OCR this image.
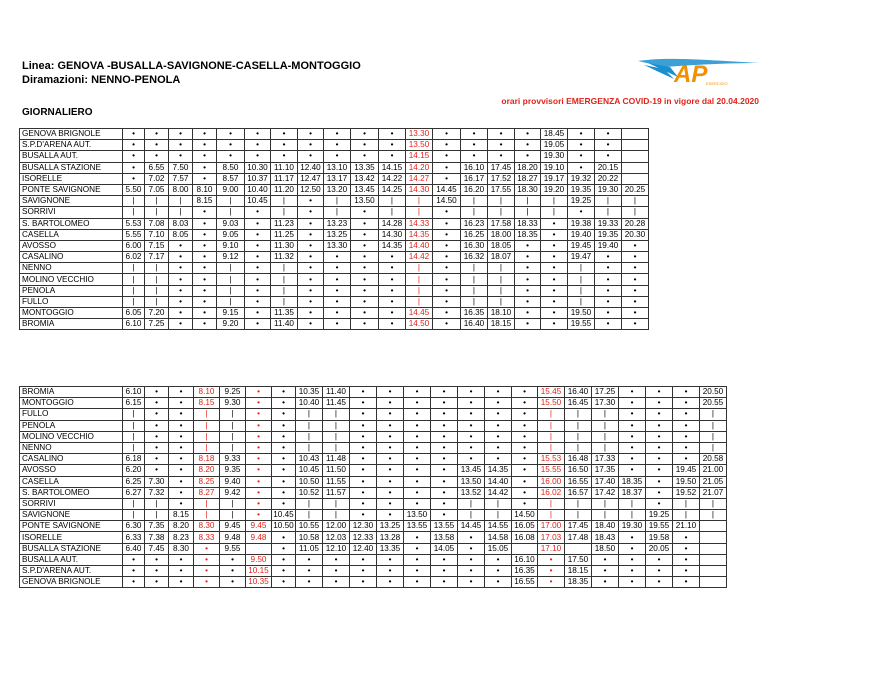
Linea: GENOVA -BUSALLA-SAVIGNONE-CASELLA-MONTOGGIO
Diramazioni: NENNO-PENOLA
orari provvisori EMERGENZA COVID-19 in vigore dal 20.04.2020
GIORNALIERO
AP
ESERCIZIO
GENOVA BRIGNOLE	•	•	•	•	•	•	•	•	•	•	•	13.30	•	•	•	•	18.45	•	•	
S.P.D'ARENA AUT.	•	•	•	•	•	•	•	•	•	•	•	13.50	•	•	•	•	19.05	•	•	
BUSALLA AUT.	•	•	•	•	•	•	•	•	•	•	•	14.15	•	•	•	•	19.30	•	•	
BUSALLA STAZIONE	•	6.55	7.50	•	8.50	10.30	11.10	12.40	13.10	13.35	14.15	14.20	•	16.10	17.45	18.20	19.10	•	20.15	
ISORELLE	•	7.02	7.57	•	8.57	10.37	11.17	12.47	13.17	13.42	14.22	14.27	•	16.17	17.52	18.27	19.17	19.32	20.22	
PONTE SAVIGNONE	5.50	7.05	8.00	8.10	9.00	10.40	11.20	12.50	13.20	13.45	14.25	14.30	14.45	16.20	17.55	18.30	19.20	19.35	19.30	20.25
SAVIGNONE	|	|	|	8.15	|	10.45	|	•	|	13.50	|	|	14.50	|	|	|	|	19.25	|	|
SORRIVI	|	|	|	•	|	•	|	•	|	•	|	|	•	|	|	|	|	•	|	|
S. BARTOLOMEO	5.53	7.08	8.03	•	9.03	•	11.23	•	13.23	•	14.28	14.33	•	16.23	17.58	18.33	•	19.38	19.33	20.28
CASELLA	5.55	7.10	8.05	•	9.05	•	11.25	•	13.25	•	14.30	14.35	•	16.25	18.00	18.35	•	19.40	19.35	20.30
AVOSSO	6.00	7.15	•	•	9.10	•	11.30	•	13.30	•	14.35	14.40	•	16.30	18.05	•	•	19.45	19.40	•
CASALINO	6.02	7.17	•	•	9.12	•	11.32	•	•	•	•	14.42	•	16.32	18.07	•	•	19.47	•	•
NENNO	|	|	•	•	|	•	|	•	•	•	•	|	•	|	|	•	•	|	•	•
MOLINO VECCHIO	|	|	•	•	|	•	|	•	•	•	•	|	•	|	|	•	•	|	•	•
PENOLA	|	|	•	•	|	•	|	•	•	•	•	|	•	|	|	•	•	|	•	•
FULLO	|	|	•	•	|	•	|	•	•	•	•	|	•	|	|	•	•	|	•	•
MONTOGGIO	6.05	7.20	•	•	9.15	•	11.35	•	•	•	•	14.45	•	16.35	18.10	•	•	19.50	•	•
BROMIA	6.10	7.25	•	•	9.20	•	11.40	•	•	•	•	14.50	•	16.40	18.15	•	•	19.55	•	•
BROMIA	6.10	•	•	8.10	9.25	•	•	10.35	11.40	•	•	•	•	•	•	•	15.45	16.40	17.25	•	•	•	20.50
MONTOGGIO	6.15	•	•	8.15	9.30	•	•	10.40	11.45	•	•	•	•	•	•	•	15.50	16.45	17.30	•	•	•	20.55
FULLO	|	•	•	|	|	•	•	|	|	•	•	•	•	•	•	•	|	|	|	•	•	•	|
PENOLA	|	•	•	|	|	•	•	|	|	•	•	•	•	•	•	•	|	|	|	•	•	•	|
MOLINO VECCHIO	|	•	•	|	|	•	•	|	|	•	•	•	•	•	•	•	|	|	|	•	•	•	|
NENNO	|	•	•	|	|	•	•	|	|	•	•	•	•	•	•	•	|	|	|	•	•	•	|
CASALINO	6.18	•	•	8.18	9.33	•	•	10.43	11.48	•	•	•	•	•	•	•	15.53	16.48	17.33	•	•	•	20.58
AVOSSO	6.20	•	•	8.20	9.35	•	•	10.45	11.50	•	•	•	•	13.45	14.35	•	15.55	16.50	17.35	•	•	19.45	21.00
CASELLA	6.25	7.30	•	8.25	9.40	•	•	10.50	11.55	•	•	•	•	13.50	14.40	•	16.00	16.55	17.40	18.35	•	19.50	21.05
S. BARTOLOMEO	6.27	7.32	•	8.27	9.42	•	•	10.52	11.57	•	•	•	•	13.52	14.42	•	16.02	16.57	17.42	18.37	•	19.52	21.07
SORRIVI	|	|	•	|	|	•	•	|	|	•	•	•	•	|	|	•	|	|	|	|	•	|	|
SAVIGNONE	|	|	8.15	|	|	•	10.45	|	|	•	•	13.50	•	|	|	14.50	|	|	|	|	19.25	|	|
PONTE SAVIGNONE	6.30	7.35	8.20	8.30	9.45	9.45	10.50	10.55	12.00	12.30	13.25	13.55	13.55	14.45	14.55	16.05	17.00	17.45	18.40	19.30	19.55	21.10	
ISORELLE	6.33	7.38	8.23	8.33	9.48	9.48	•	10.58	12.03	12.33	13.28	•	13.58	•	14.58	16.08	17.03	17.48	18.43	•	19.58	•	
BUSALLA STAZIONE	6.40	7.45	8.30	•	9.55		•	11.05	12.10	12.40	13.35	•	14.05	•	15.05		17.10		18.50	•	20.05	•	
BUSALLA AUT.	•	•	•	•	•	9.50	•	•	•	•	•	•	•	•	•	16.10	•	17.50	•	•	•	•	
S.P.D'ARENA AUT.	•	•	•	•	•	10.15	•	•	•	•	•	•	•	•	•	16.35	•	18.15	•	•	•	•	
GENOVA BRIGNOLE	•	•	•	•	•	10.35	•	•	•	•	•	•	•	•	•	16.55	•	18.35	•	•	•	•	
